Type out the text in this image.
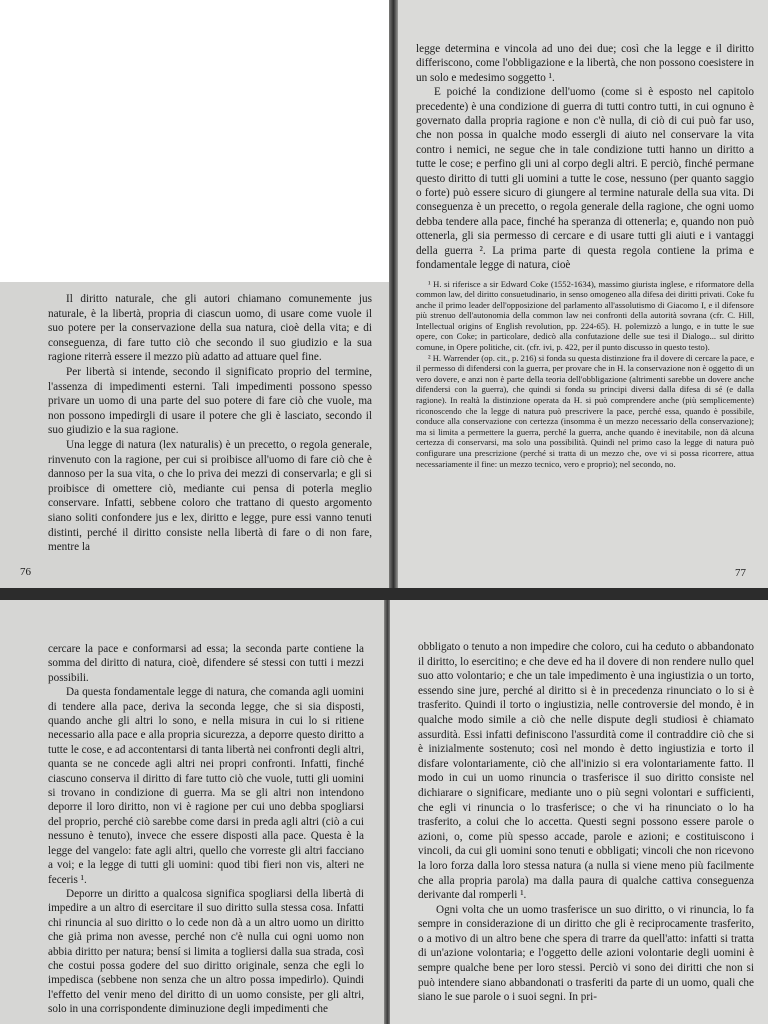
Il diritto naturale, che gli autori chiamano comunemente jus naturale, è la libertà, propria di ciascun uomo, di usare come vuole il suo potere per la conservazione della sua natura, cioè della vita; e di conseguenza, di fare tutto ciò che secondo il suo giudizio e la sua ragione riterrà essere il mezzo più adatto ad attuare quel fine.

Per libertà si intende, secondo il significato proprio del termine, l'assenza di impedimenti esterni. Tali impedimenti possono spesso privare un uomo di una parte del suo potere di fare ciò che vuole, ma non possono impedirgli di usare il potere che gli è lasciato, secondo il suo giudizio e la sua ragione.

Una legge di natura (lex naturalis) è un precetto, o regola generale, rinvenuto con la ragione, per cui si proibisce all'uomo di fare ciò che è dannoso per la sua vita, o che lo priva dei mezzi di conservarla; e gli si proibisce di omettere ciò, mediante cui pensa di poterla meglio conservare. Infatti, sebbene coloro che trattano di questo argomento siano soliti confondere jus e lex, diritto e legge, pure essi vanno tenuti distinti, perché il diritto consiste nella libertà di fare o di non fare, mentre la

76

legge determina e vincola ad uno dei due; così che la legge e il diritto differiscono, come l'obbligazione e la libertà, che non possono coesistere in un solo e medesimo soggetto ¹.

E poiché la condizione dell'uomo (come si è esposto nel capitolo precedente) è una condizione di guerra di tutti contro tutti, in cui ognuno è governato dalla propria ragione e non c'è nulla, di ciò di cui può far uso, che non possa in qualche modo essergli di aiuto nel conservare la vita contro i nemici, ne segue che in tale condizione tutti hanno un diritto a tutte le cose; e perfino gli uni al corpo degli altri. E perciò, finché permane questo diritto di tutti gli uomini a tutte le cose, nessuno (per quanto saggio o forte) può essere sicuro di giungere al termine naturale della sua vita. Di conseguenza è un precetto, o regola generale della ragione, che ogni uomo debba tendere alla pace, finché ha speranza di ottenerla; e, quando non può ottenerla, gli sia permesso di cercare e di usare tutti gli aiuti e i vantaggi della guerra ². La prima parte di questa regola contiene la prima e fondamentale legge di natura, cioè

¹ H. si riferisce a sir Edward Coke (1552-1634), massimo giurista inglese, e riformatore della common law, del diritto consuetudinario, in senso omogeneo alla difesa dei diritti privati. Coke fu anche il primo leader dell'opposizione del parlamento all'assolutismo di Giacomo I, e il difensore più strenuo dell'autonomia della common law nei confronti della autorità sovrana (cfr. C. Hill, Intellectual origins of English revolution, pp. 224-65). H. polemizzò a lungo, e in tutte le sue opere, con Coke; in particolare, dedicò alla confutazione delle sue tesi il Dialogo... sul diritto comune, in Opere politiche, cit. (cfr. ivi, p. 422, per il punto discusso in questo testo).

² H. Warrender (op. cit., p. 216) si fonda su questa distinzione fra il dovere di cercare la pace, e il permesso di difendersi con la guerra, per provare che in H. la conservazione non è oggetto di un vero dovere, e anzi non è parte della teoria dell'obbligazione (altrimenti sarebbe un dovere anche difendersi con la guerra), che quindi si fonda su principi diversi dalla difesa di sé (e dalla ragione). In realtà la distinzione operata da H. si può comprendere anche (più semplicemente) riconoscendo che la legge di natura può prescrivere la pace, perché essa, quando è possibile, conduce alla conservazione con certezza (insomma è un mezzo necessario della conservazione); ma si limita a permettere la guerra, perché la guerra, anche quando è inevitabile, non dà alcuna certezza di conservarsi, ma solo una possibilità. Quindi nel primo caso la legge di natura può configurare una prescrizione (perché si tratta di un mezzo che, ove vi si possa ricorrere, attua necessariamente il fine: un mezzo tecnico, vero e proprio); nel secondo, no.

77

cercare la pace e conformarsi ad essa; la seconda parte contiene la somma del diritto di natura, cioè, difendere sé stessi con tutti i mezzi possibili.

Da questa fondamentale legge di natura, che comanda agli uomini di tendere alla pace, deriva la seconda legge, che si sia disposti, quando anche gli altri lo sono, e nella misura in cui lo si ritiene necessario alla pace e alla propria sicurezza, a deporre questo diritto a tutte le cose, e ad accontentarsi di tanta libertà nei confronti degli altri, quanta se ne concede agli altri nei propri confronti. Infatti, finché ciascuno conserva il diritto di fare tutto ciò che vuole, tutti gli uomini si trovano in condizione di guerra. Ma se gli altri non intendono deporre il loro diritto, non vi è ragione per cui uno debba spogliarsi del proprio, perché ciò sarebbe come darsi in preda agli altri (ciò a cui nessuno è tenuto), invece che essere disposti alla pace. Questa è la legge del vangelo: fate agli altri, quello che vorreste gli altri facciano a voi; e la legge di tutti gli uomini: quod tibi fieri non vis, alteri ne feceris ¹.

Deporre un diritto a qualcosa significa spogliarsi della libertà di impedire a un altro di esercitare il suo diritto sulla stessa cosa. Infatti chi rinuncia al suo diritto o lo cede non dà a un altro uomo un diritto che già prima non avesse, perché non c'è nulla cui ogni uomo non abbia diritto per natura; bensí si limita a togliersi dalla sua strada, così che costui possa godere del suo diritto originale, senza che egli lo impedisca (sebbene non senza che un altro possa impedirlo). Quindi l'effetto del venir meno del diritto di un uomo consiste, per gli altri, solo in una corrispondente diminuzione degli impedimenti che

obbligato o tenuto a non impedire che coloro, cui ha ceduto o abbandonato il diritto, lo esercitino; e che deve ed ha il dovere di non rendere nullo quel suo atto volontario; e che un tale impedimento è una ingiustizia o un torto, essendo sine jure, perché al diritto si è in precedenza rinunciato o lo si è trasferito. Quindi il torto o ingiustizia, nelle controversie del mondo, è in qualche modo simile a ciò che nelle dispute degli studiosi è chiamato assurdità. Essi infatti definiscono l'assurdità come il contraddire ciò che si è inizialmente sostenuto; così nel mondo è detto ingiustizia e torto il disfare volontariamente, ciò che all'inizio si era volontariamente fatto. Il modo in cui un uomo rinuncia o trasferisce il suo diritto consiste nel dichiarare o significare, mediante uno o più segni volontari e sufficienti, che egli vi rinuncia o lo trasferisce; o che vi ha rinunciato o lo ha trasferito, a colui che lo accetta. Questi segni possono essere parole o azioni, o, come più spesso accade, parole e azioni; e costituiscono i vincoli, da cui gli uomini sono tenuti e obbligati; vincoli che non ricevono la loro forza dalla loro stessa natura (a nulla si viene meno più facilmente che alla propria parola) ma dalla paura di qualche cattiva conseguenza derivante dal romperli ¹.

Ogni volta che un uomo trasferisce un suo diritto, o vi rinuncia, lo fa sempre in considerazione di un diritto che gli è reciprocamente trasferito, o a motivo di un altro bene che spera di trarre da quell'atto: infatti si tratta di un'azione volontaria; e l'oggetto delle azioni volontarie degli uomini è sempre qualche bene per loro stessi. Perciò vi sono dei diritti che non si può intendere siano abbandonati o trasferiti da parte di un uomo, quali che siano le sue parole o i suoi segni. In pri-
